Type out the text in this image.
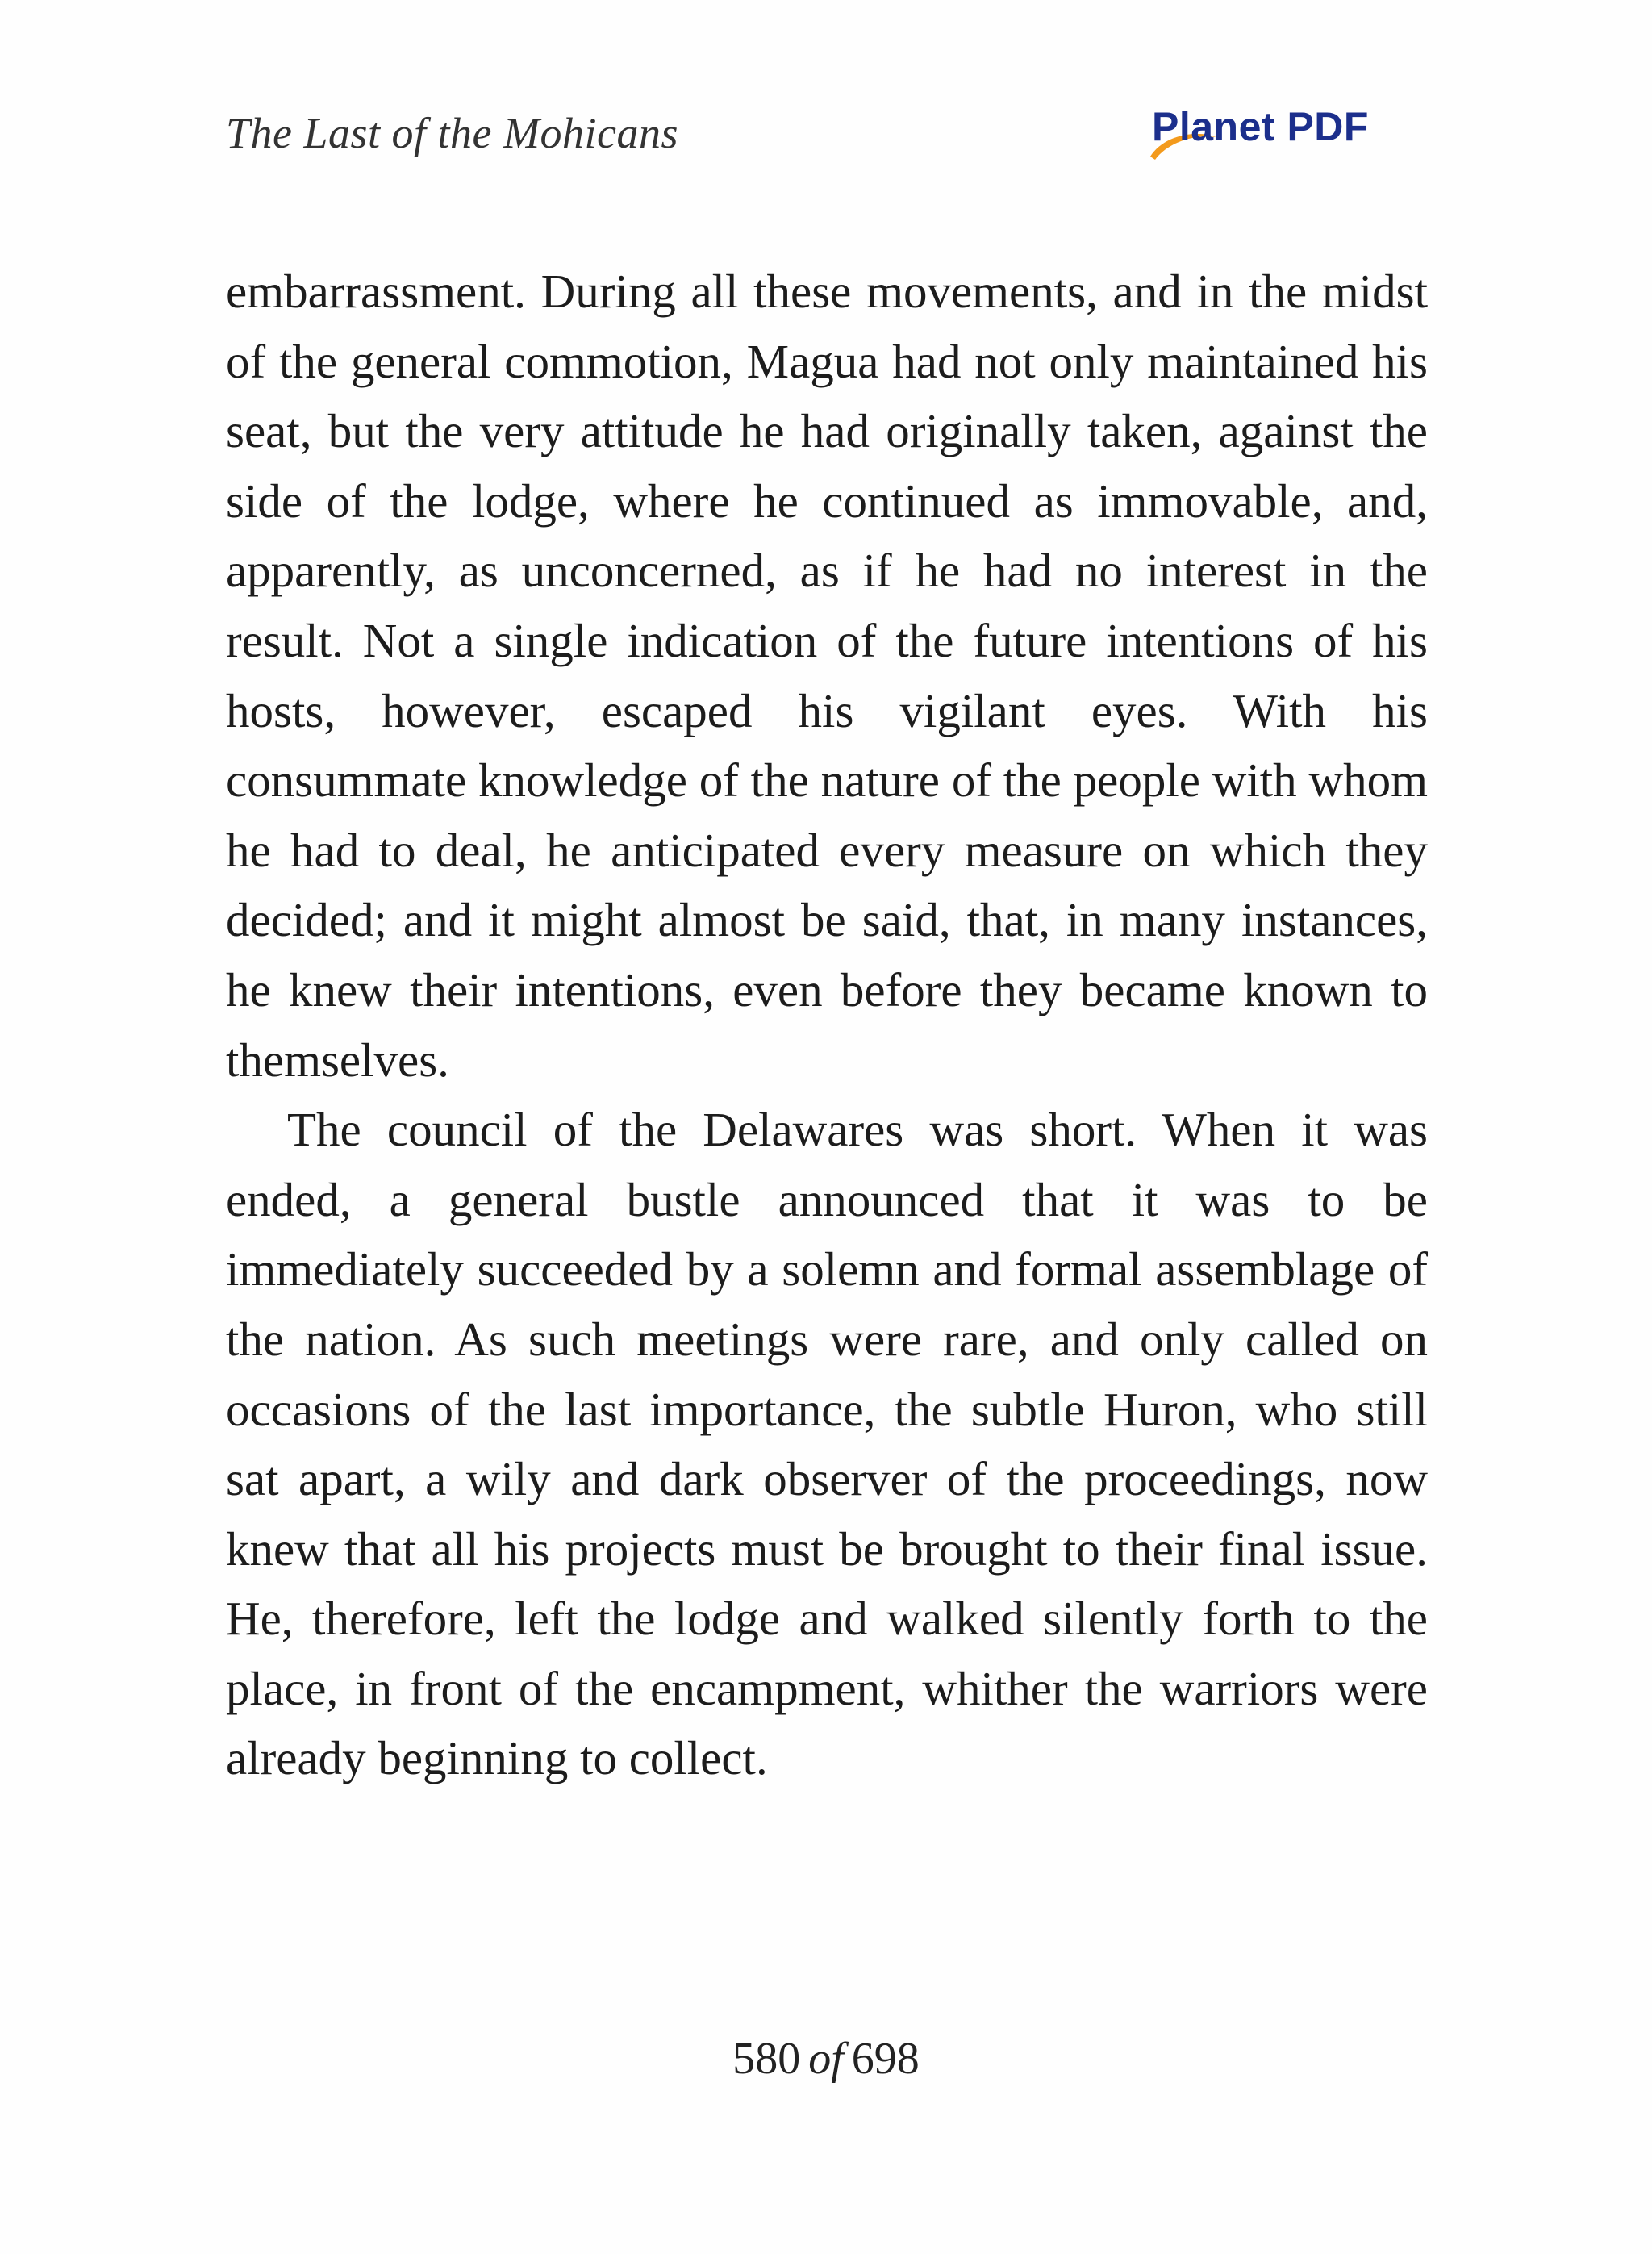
The Last of the Mohicans	Planet PDF

embarrassment. During all these movements, and in the midst of the general commotion, Magua had not only maintained his seat, but the very attitude he had originally taken, against the side of the lodge, where he continued as immovable, and, apparently, as unconcerned, as if he had no interest in the result. Not a single indication of the future intentions of his hosts, however, escaped his vigilant eyes. With his consummate knowledge of the nature of the people with whom he had to deal, he anticipated every measure on which they decided; and it might almost be said, that, in many instances, he knew their intentions, even before they became known to themselves.

The council of the Delawares was short. When it was ended, a general bustle announced that it was to be immediately succeeded by a solemn and formal assemblage of the nation. As such meetings were rare, and only called on occasions of the last importance, the subtle Huron, who still sat apart, a wily and dark observer of the proceedings, now knew that all his projects must be brought to their final issue. He, therefore, left the lodge and walked silently forth to the place, in front of the encampment, whither the warriors were already beginning to collect.

580 of 698
